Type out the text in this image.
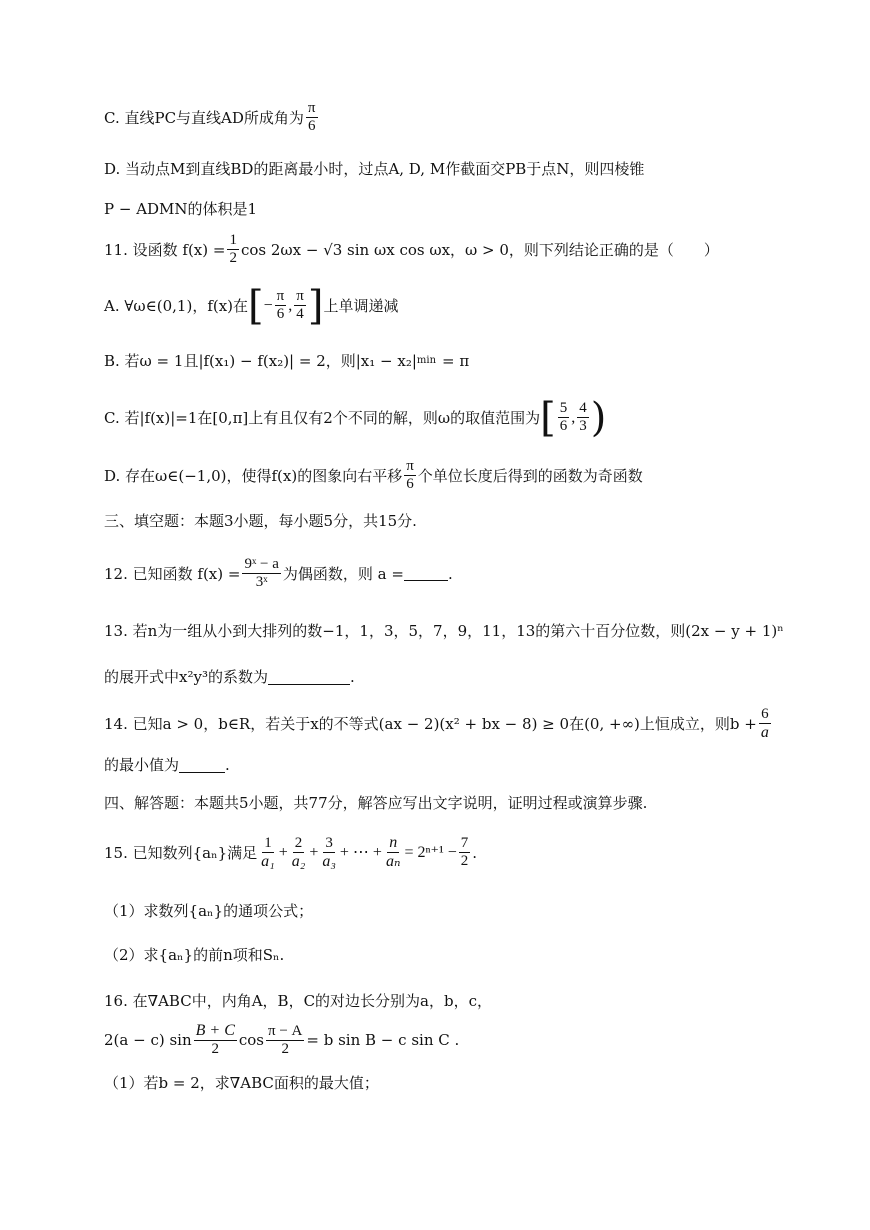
C. 直线PC与直线AD所成角为 $\frac{\pi}{6}$
D. 当动点M到直线BD的距离最小时，过点A, D, M作截面交PB于点N，则四棱锥
P − ADMN的体积是1
11. 设函数 $f(x) = \frac{1}{2}$ cos 2ωx − √3 sin ωx cos ωx，ω > 0，则下列结论正确的是（　　）
A. ∀ω∈(0,1)，f(x)在 [ − $\frac{\pi}{6}$ , $\frac{\pi}{4}$ ] 上单调递减
B. 若ω = 1且|f(x₁) − f(x₂)| = 2，则|x₁ − x₂| min = π
C. 若|f(x)|=1在[0,π]上有且仅有2个不同的解，则ω的取值范围为 [ $\frac{5}{6}$ , $\frac{4}{3}$ )
D. 存在ω∈(−1,0)，使得f(x)的图象向右平移 $\frac{\pi}{6}$ 个单位长度后得到的函数为奇函数
三、填空题：本题3小题，每小题5分，共15分.
12. 已知函数 $f(x) = \frac{\text{9ˣ − a}}{\text{3ˣ}}$ 为偶函数，则 a =	.
13. 若n为一组从小到大排列的数−1，1，3，5，7，9，11，13的第六十百分位数，则(2x − y + 1)ⁿ
的展开式中x²y³的系数为	.
14. 已知a > 0，b∈R，若关于x的不等式(ax − 2)(x² + bx − 8) ≥ 0在(0, +∞)上恒成立，则$b + \frac{6}{a}$
的最小值为	.
四、解答题：本题共5小题，共77分，解答应写出文字说明，证明过程或演算步骤.
15. 已知数列{aₙ}满足 $\frac{1}{\text{a₁}} + \frac{2}{\text{a₂}} + \frac{3}{\text{a₃}}$ + ⋯ + $\frac{n}{\text{aₙ}} = 2^{n+1} - \frac{7}{2}$ .
（1）求数列{aₙ}的通项公式；
（2）求{aₙ}的前n项和Sₙ.
16. 在∇ABC中，内角A，B，C的对边长分别为a，b，c，
2(a − c) $\sin \frac{B + C}{2}$ $\cos \frac{\pi - A}{2} = b$ sin B − c sin C .
（1）若b = 2，求∇ABC面积的最大值；
